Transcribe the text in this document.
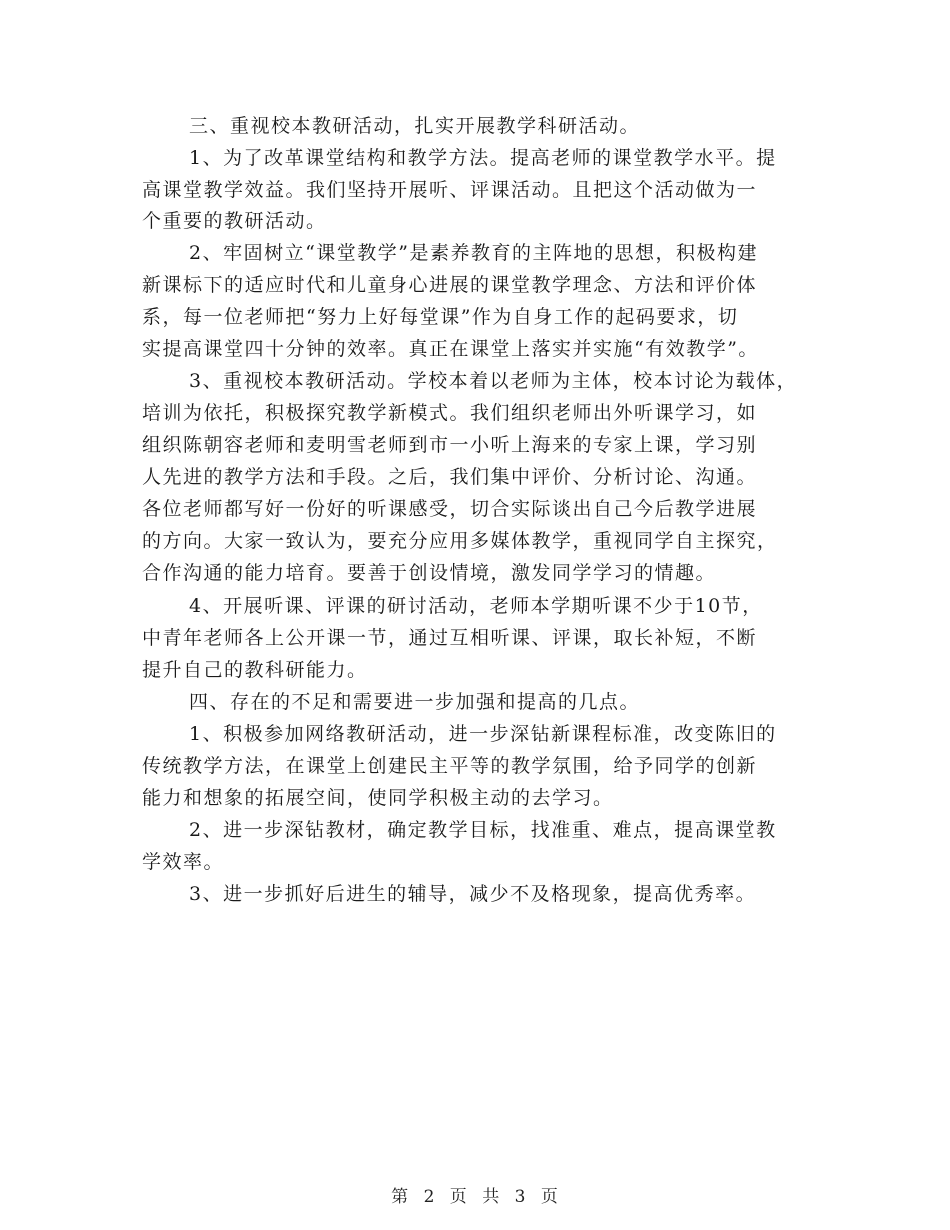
三、重视校本教研活动，扎实开展教学科研活动。
1、为了改革课堂结构和教学方法。提高老师的课堂教学水平。提
高课堂教学效益。我们坚持开展听、评课活动。且把这个活动做为一
个重要的教研活动。
2、牢固树立“课堂教学”是素养教育的主阵地的思想，积极构建
新课标下的适应时代和儿童身心进展的课堂教学理念、方法和评价体
系，每一位老师把“努力上好每堂课”作为自身工作的起码要求，切
实提高课堂四十分钟的效率。真正在课堂上落实并实施“有效教学”。
3、重视校本教研活动。学校本着以老师为主体，校本讨论为载体，
培训为依托，积极探究教学新模式。我们组织老师出外听课学习，如
组织陈朝容老师和麦明雪老师到市一小听上海来的专家上课，学习别
人先进的教学方法和手段。之后，我们集中评价、分析讨论、沟通。
各位老师都写好一份好的听课感受，切合实际谈出自己今后教学进展
的方向。大家一致认为，要充分应用多媒体教学，重视同学自主探究，
合作沟通的能力培育。要善于创设情境，激发同学学习的情趣。
4、开展听课、评课的研讨活动，老师本学期听课不少于10节，
中青年老师各上公开课一节，通过互相听课、评课，取长补短，不断
提升自己的教科研能力。
四、存在的不足和需要进一步加强和提高的几点。
1、积极参加网络教研活动，进一步深钻新课程标准，改变陈旧的
传统教学方法，在课堂上创建民主平等的教学氛围，给予同学的创新
能力和想象的拓展空间，使同学积极主动的去学习。
2、进一步深钻教材，确定教学目标，找准重、难点，提高课堂教
学效率。
3、进一步抓好后进生的辅导，减少不及格现象，提高优秀率。
第 2 页 共 3 页
